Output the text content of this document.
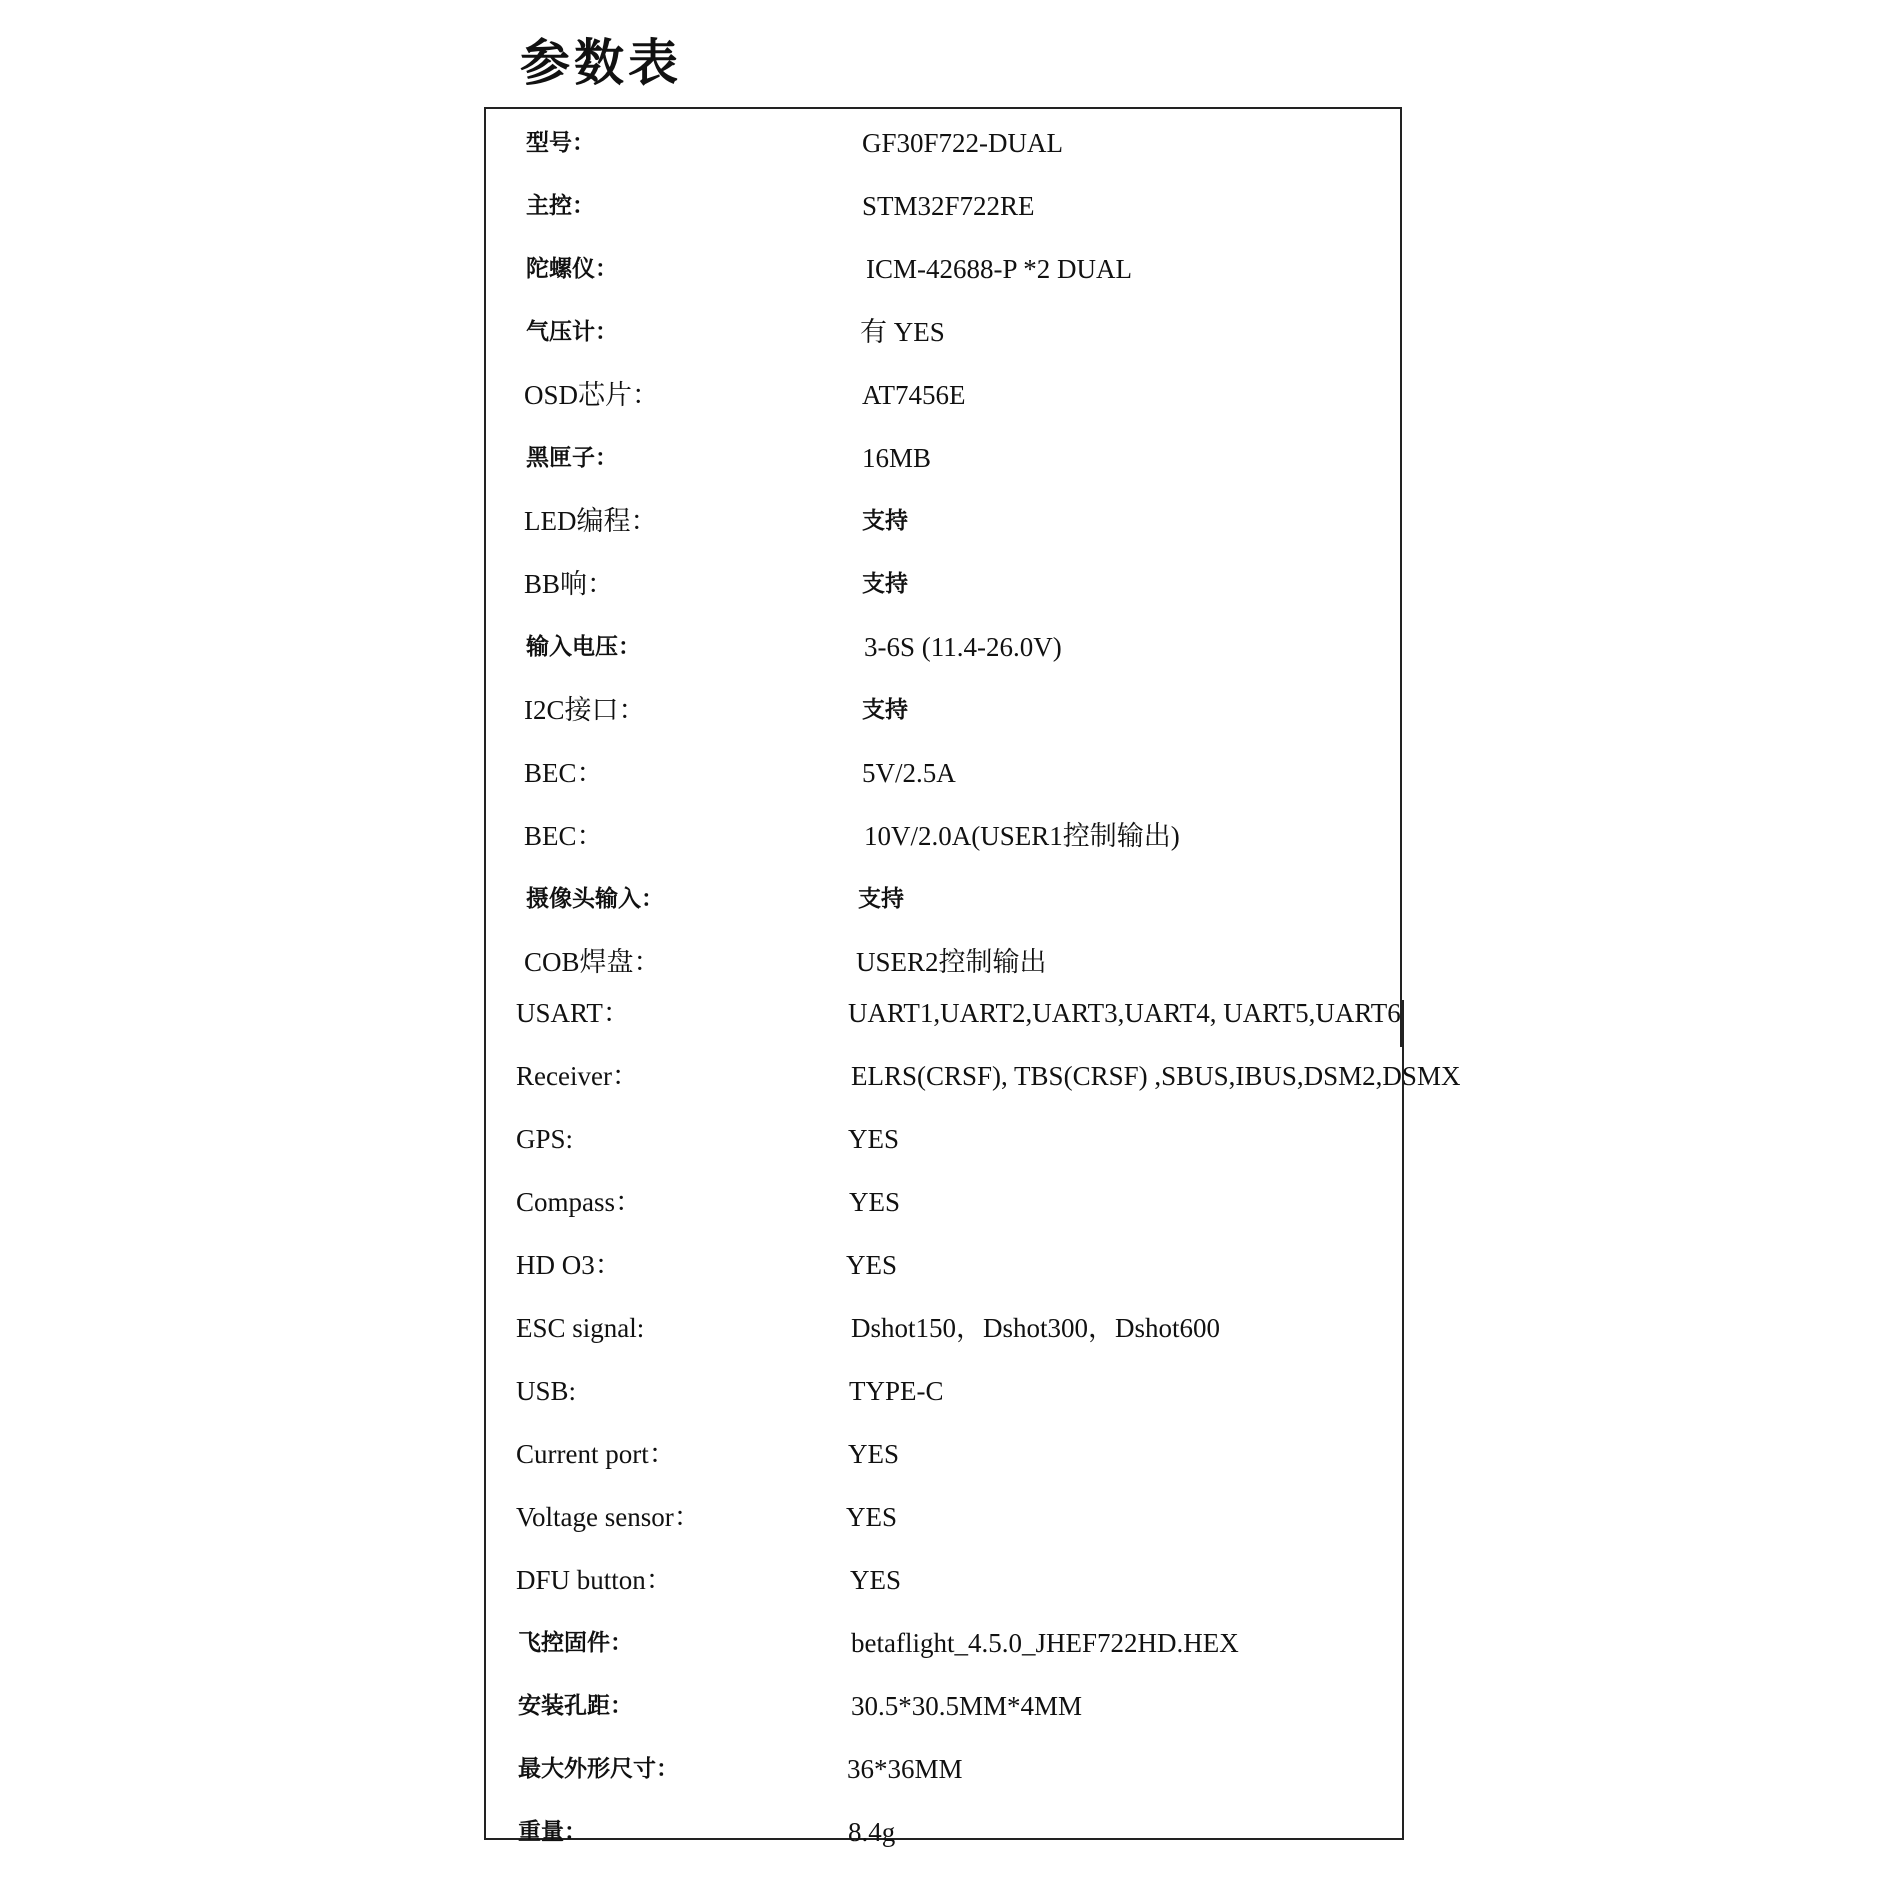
参数表
型号：	GF30F722-DUAL
主控：	STM32F722RE
陀螺仪：	ICM-42688-P *2 DUAL
气压计：	有 YES
OSD芯片：	AT7456E
黑匣子：	16MB
LED编程：	支持
BB响：	支持
输入电压：	3-6S (11.4-26.0V)
I2C接口：	支持
BEC：	5V/2.5A
BEC：	10V/2.0A(USER1控制输出)
摄像头输入：	支持
COB焊盘：	USER2控制输出
USART：	UART1,UART2,UART3,UART4, UART5,UART6
Receiver：	ELRS(CRSF), TBS(CRSF) ,SBUS,IBUS,DSM2,DSMX
GPS:	YES
Compass：	YES
HD O3：	YES
ESC signal:	Dshot150，Dshot300，Dshot600
USB:	TYPE-C
Current port：	YES
Voltage sensor：	YES
DFU button：	YES
飞控固件：	betaflight_4.5.0_JHEF722HD.HEX
安装孔距：	30.5*30.5MM*4MM
最大外形尺寸：	36*36MM
重量：	8.4g
